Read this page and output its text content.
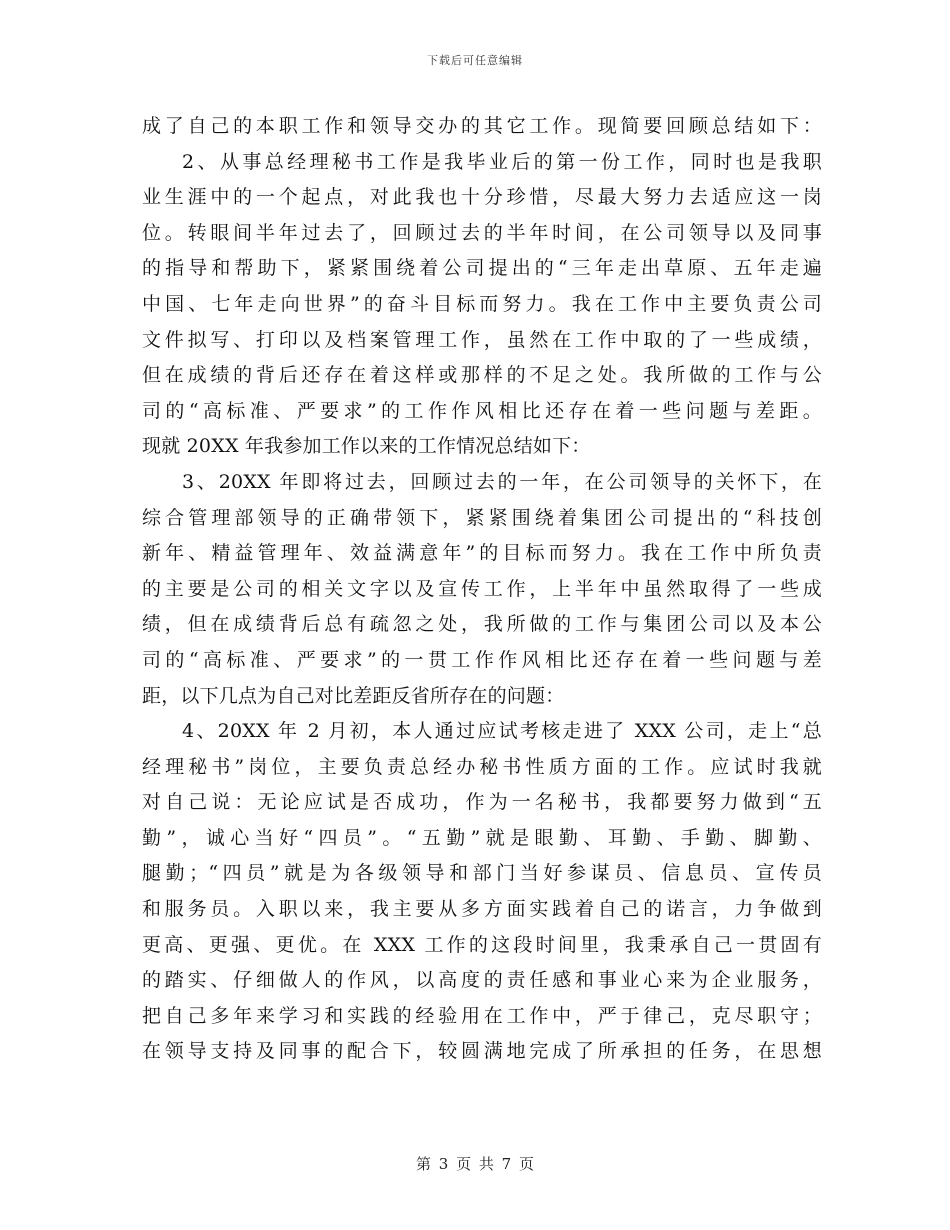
下载后可任意编辑
成了自己的本职工作和领导交办的其它工作。现简要回顾总结如下：
2、从事总经理秘书工作是我毕业后的第一份工作，同时也是我职
业生涯中的一个起点，对此我也十分珍惜，尽最大努力去适应这一岗
位。转眼间半年过去了，回顾过去的半年时间，在公司领导以及同事
的指导和帮助下，紧紧围绕着公司提出的“三年走出草原、五年走遍
中国、七年走向世界”的奋斗目标而努力。我在工作中主要负责公司
文件拟写、打印以及档案管理工作，虽然在工作中取的了一些成绩，
但在成绩的背后还存在着这样或那样的不足之处。我所做的工作与公
司的“高标准、严要求”的工作作风相比还存在着一些问题与差距。
现就 20XX 年我参加工作以来的工作情况总结如下：
3、20XX 年即将过去，回顾过去的一年，在公司领导的关怀下，在
综合管理部领导的正确带领下，紧紧围绕着集团公司提出的“科技创
新年、精益管理年、效益满意年”的目标而努力。我在工作中所负责
的主要是公司的相关文字以及宣传工作，上半年中虽然取得了一些成
绩，但在成绩背后总有疏忽之处，我所做的工作与集团公司以及本公
司的“高标准、严要求”的一贯工作作风相比还存在着一些问题与差
距，以下几点为自己对比差距反省所存在的问题：
4、20XX 年 2 月初，本人通过应试考核走进了 XXX 公司，走上“总
经理秘书”岗位，主要负责总经办秘书性质方面的工作。应试时我就
对自己说：无论应试是否成功，作为一名秘书，我都要努力做到“五
勤”，诚心当好“四员”。“五勤”就是眼勤、耳勤、手勤、脚勤、
腿勤；“四员”就是为各级领导和部门当好参谋员、信息员、宣传员
和服务员。入职以来，我主要从多方面实践着自己的诺言，力争做到
更高、更强、更优。在 XXX 工作的这段时间里，我秉承自己一贯固有
的踏实、仔细做人的作风，以高度的责任感和事业心来为企业服务，
把自己多年来学习和实践的经验用在工作中，严于律己，克尽职守；
在领导支持及同事的配合下，较圆满地完成了所承担的任务，在思想
第 3 页 共 7 页
